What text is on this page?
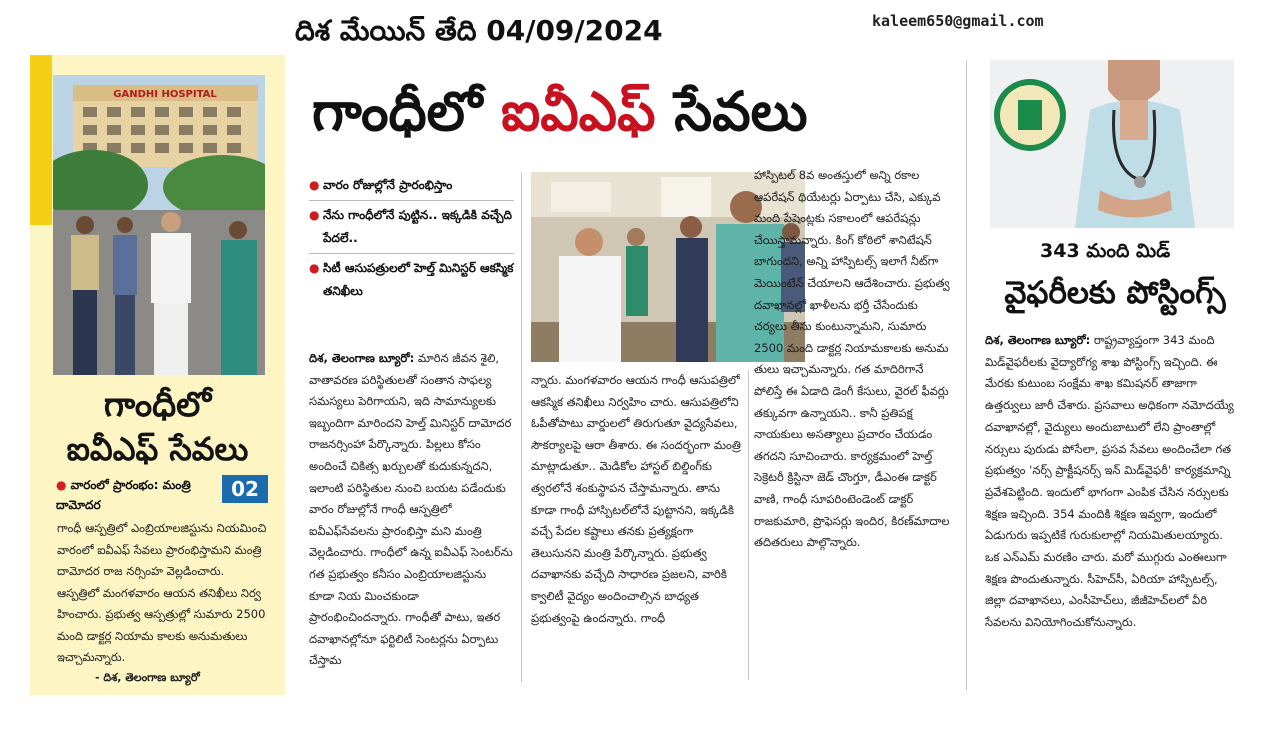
దిశ మేయిన్ తేది 04/09/2024	kaleem650@gmail.com
GANDHI HOSPITAL
గాంధీలో
ఐవీఎఫ్ సేవలు
● వారంలో ప్రారంభం: మంత్రి దామోదర
02
గాంధీ ఆస్పత్రిలో ఎంబ్రియాలజిస్టును నియమించి వారంలో ఐవీఎఫ్ సేవలు ప్రారంభిస్తామని మంత్రి దామోదర రాజ నర్సింహ వెల్లడించారు. ఆస్పత్రిలో మంగళవారం ఆయన తనిఖీలు నిర్వ హించారు. ప్రభుత్వ ఆస్పత్రుల్లో సుమారు 2500 మంది డాక్టర్ల నియామ కాలకు అనుమతులు ఇచ్చామన్నారు.
- దిశ, తెలంగాణ బ్యూరో
గాంధీలో ఐవీఎఫ్ సేవలు
● వారం రోజుల్లోనే ప్రారంభిస్తాం
● నేను గాంధీలోనే పుట్టిన.. ఇక్కడికి వచ్చేది పేదలే..
● సిటీ ఆసుపత్రులలో హెల్త్ మినిస్టర్ ఆకస్మిక తనిఖీలు
దిశ, తెలంగాణ బ్యూరో: మారిన జీవన శైలి, వాతావరణ పరిస్థితులతో సంతాన సాఫల్య సమస్యలు పెరిగాయని, ఇది సామాన్యులకు ఇబ్బందిగా మారిందని హెల్త్ మినిస్టర్ దామోదర రాజనర్సింహా పేర్కొన్నారు. పిల్లలు కోసం అందించే చికిత్స ఖర్చులతో కుదుకున్నదని, ఇలాంటి పరిస్థితుల నుంచి బయట పడేందుకు వారం రోజుల్లోనే గాంధీ ఆస్పత్రిలో ఐవీఎఫ్‌సేవలను ప్రారంభిస్తా మని మంత్రి వెల్లడించారు. గాంధీలో ఉన్న ఐవీఎఫ్ సెంటర్‌ను గత ప్రభుత్వం కనీసం ఎంబ్రియాలజిస్టును కూడా నియ మించకుండా ప్రారంభించిందన్నారు. గాంధీతో పాటు, ఇతర దవాఖానల్లోనూ ఫర్టిలిటీ సెంటర్లను ఏర్పాటు చేస్తామ
న్నారు. మంగళవారం ఆయన గాంధీ ఆసుపత్రిలో ఆకస్మిక తనిఖీలు నిర్వహిం చారు. ఆసుపత్రిలోని ఓపీతోపాటు వార్డులలో తిరుగుతూ వైద్యసేవలు, సౌకర్యాలపై ఆరా తీశారు. ఈ సందర్భంగా మంత్రి మాట్లాడుతూ.. మెడికోల హాస్టల్ బిల్డింగ్‌కు త్వరలోనే శంకుస్థాపన చేస్తామన్నారు. తాను కూడా గాంధీ హాస్పిటల్‌లోనే పుట్టానని, ఇక్కడికి వచ్చే పేదల కష్టాలు తనకు ప్రత్యక్షంగా తెలుసునని మంత్రి పేర్కొన్నారు. ప్రభుత్వ దవాఖానకు వచ్చేది సాధారణ ప్రజలని, వారికి క్వాలిటీ వైద్యం అందించాల్సిన బాధ్యత ప్రభుత్వంపై ఉందన్నారు. గాంధీ
హాస్పిటల్ 8వ అంతస్తులో అన్ని రకాల ఆపరేషన్ థియేటర్లు ఏర్పాటు చేసి, ఎక్కువ మంది పేషెంట్లకు సకాలంలో ఆపరేషన్లు చేయిస్తామన్నారు. కింగ్ కోఠిలో శానిటేషన్ బాగుందని, అన్ని హాస్పిటల్స్ ఇలాగే నీట్‌గా మెయింటేన్ చేయాలని ఆదేశించారు. ప్రభుత్వ దవాఖానల్లో ఖాళీలను భర్తీ చేసేందుకు చర్యలు తీసు కుంటున్నామని, సుమారు 2500 మంది డాక్టర్ల నియామకాలకు అనుమ తులు ఇచ్చామన్నారు. గత మాదిరిగానే పోలిస్తే ఈ ఏడాది డెంగీ కేసులు, వైరల్ ఫీవర్లు తక్కువగా ఉన్నాయని.. కానీ ప్రతిపక్ష నాయకులు అసత్యాలు ప్రచారం చేయడం తగదని సూచించారు. కార్యక్రమంలో హెల్త్ సెక్రెటరీ క్రిస్టినా జెడ్ చొంగ్తూ, డీఎంఈ డాక్టర్ వాణి, గాంధీ సూపరింటెండెంట్ డాక్టర్ రాజకుమారి, ప్రొఫెసర్లు ఇందిర, కిరణ్‌మాదాల తదితరులు పాల్గొన్నారు.
343 మంది మిడ్
వైఫరీలకు పోస్టింగ్స్
దిశ, తెలంగాణ బ్యూరో: రాష్ట్రవ్యాప్తంగా 343 మంది మిడ్‌వైఫరీలకు వైద్యారోగ్య శాఖ పోస్టింగ్స్ ఇచ్చింది. ఈ మేరకు కుటుంబ సంక్షేమ శాఖ కమిషనర్ తాజాగా ఉత్తర్వులు జారీ చేశారు. ప్రసవాలు అధికంగా నమోదయ్యే దవాఖానల్లో, వైద్యులు అందుబాటులో లేని ప్రాంతాల్లో నర్సులు పురుడు పోసేలా, ప్రసవ సేవలు అందించేలా గత ప్రభుత్వం 'నర్స్ ప్రాక్టీషనర్స్ ఇన్ మిడ్‌వైఫరీ' కార్యక్రమాన్ని ప్రవేశపెట్టింది. ఇందులో భాగంగా ఎంపిక చేసిన నర్సులకు శిక్షణ ఇచ్చింది. 354 మందికి శిక్షణ ఇవ్వగా, ఇందులో ఏడుగురు ఇప్పటికే గురుకులాల్లో నియమితులయ్యారు. ఒక ఎన్ఎమ్ మరణిం చారు. మరో ముగ్గురు ఎంఈలుగా శిక్షణ పొందుతున్నారు. సీహెచ్‌సీ, ఏరియా హాస్పిటల్స్, జిల్లా దవాఖానలు, ఎంసీహెచ్‌లు, జీజీహెచ్‌లలో వీరి సేవలను వినియోగించుకోనున్నారు.
